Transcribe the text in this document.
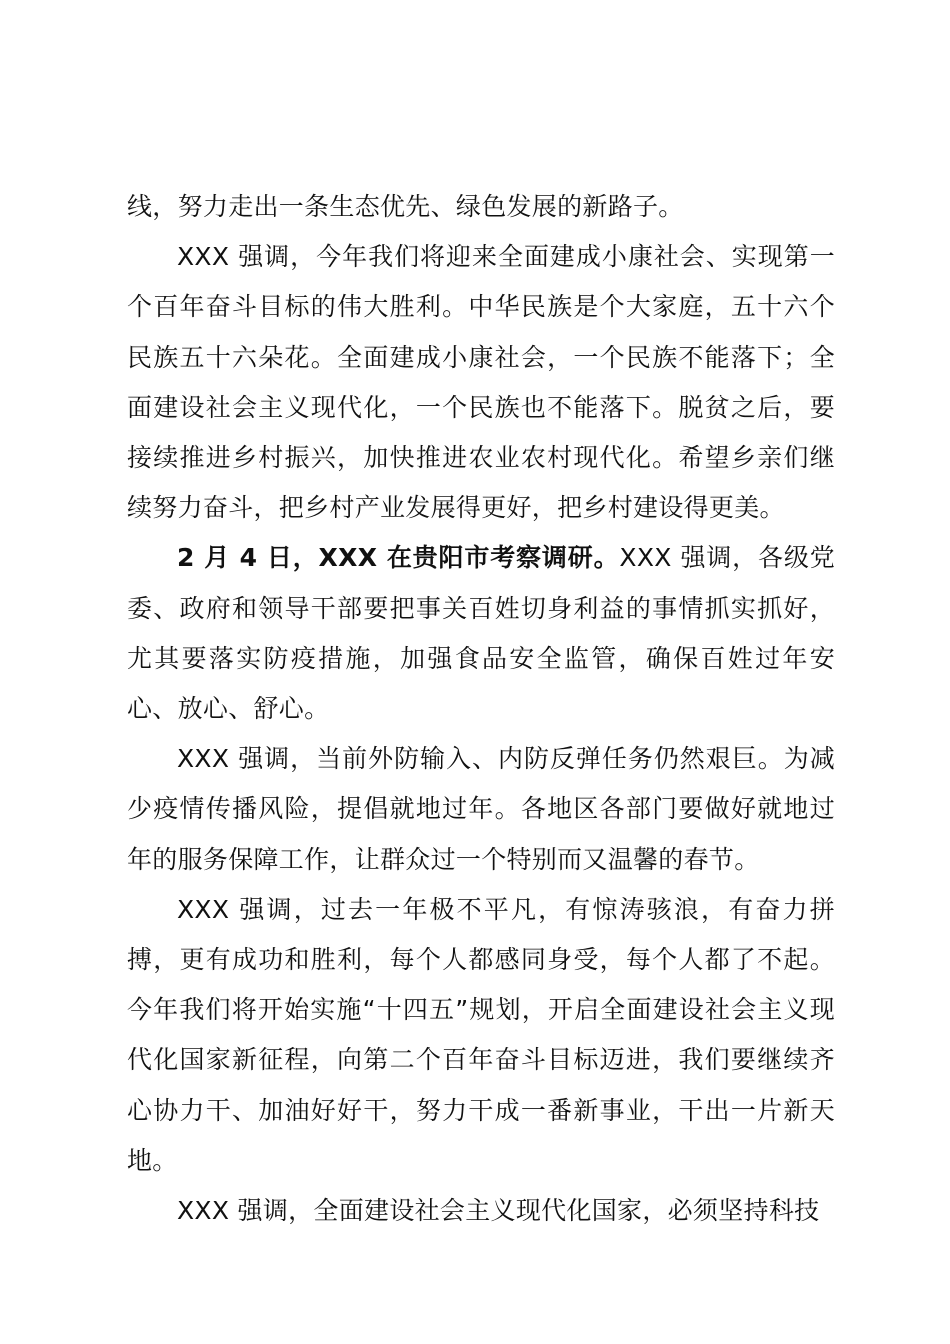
线，努力走出一条生态优先、绿色发展的新路子。

XXX 强调，今年我们将迎来全面建成小康社会、实现第一个百年奋斗目标的伟大胜利。中华民族是个大家庭，五十六个民族五十六朵花。全面建成小康社会，一个民族不能落下；全面建设社会主义现代化，一个民族也不能落下。脱贫之后，要接续推进乡村振兴，加快推进农业农村现代化。希望乡亲们继续努力奋斗，把乡村产业发展得更好，把乡村建设得更美。

2 月 4 日，XXX 在贵阳市考察调研。XXX 强调，各级党委、政府和领导干部要把事关百姓切身利益的事情抓实抓好，尤其要落实防疫措施，加强食品安全监管，确保百姓过年安心、放心、舒心。

XXX 强调，当前外防输入、内防反弹任务仍然艰巨。为减少疫情传播风险，提倡就地过年。各地区各部门要做好就地过年的服务保障工作，让群众过一个特别而又温馨的春节。

XXX 强调，过去一年极不平凡，有惊涛骇浪，有奋力拼搏，更有成功和胜利，每个人都感同身受，每个人都了不起。今年我们将开始实施“十四五”规划，开启全面建设社会主义现代化国家新征程，向第二个百年奋斗目标迈进，我们要继续齐心协力干、加油好好干，努力干成一番新事业，干出一片新天地。

XXX 强调，全面建设社会主义现代化国家，必须坚持科技
